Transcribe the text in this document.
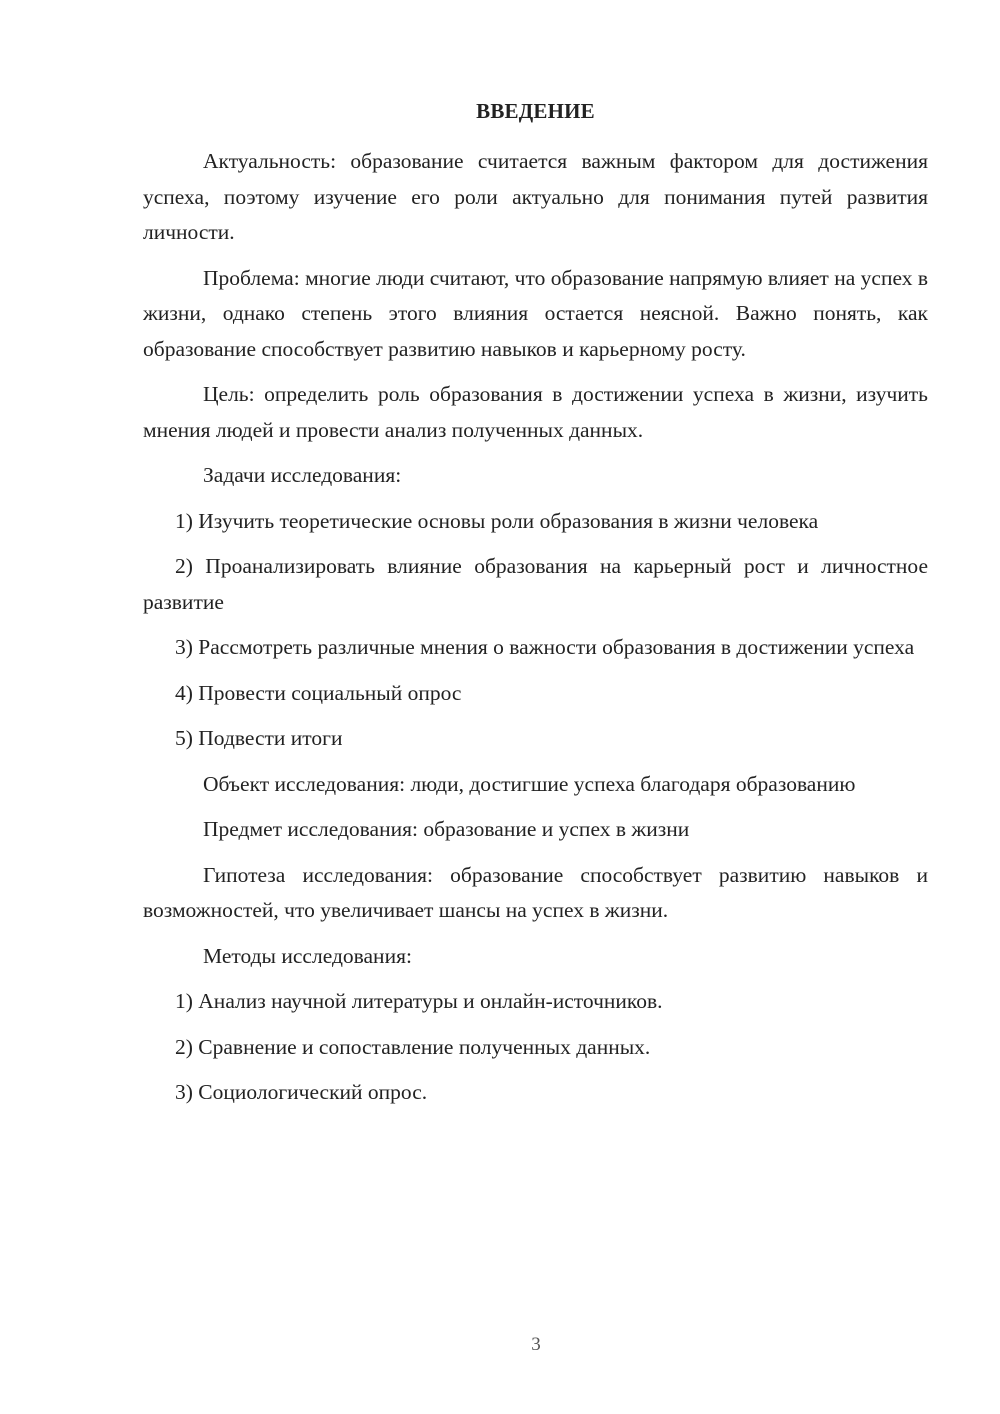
ВВЕДЕНИЕ

Актуальность: образование считается важным фактором для достижения успеха, поэтому изучение его роли актуально для понимания путей развития личности.

Проблема: многие люди считают, что образование напрямую влияет на успех в жизни, однако степень этого влияния остается неясной. Важно понять, как образование способствует развитию навыков и карьерному росту.

Цель: определить роль образования в достижении успеха в жизни, изучить мнения людей и провести анализ полученных данных.

Задачи исследования:

1) Изучить теоретические основы роли образования в жизни человека

2) Проанализировать влияние образования на карьерный рост и личностное развитие

3) Рассмотреть различные мнения о важности образования в достижении успеха

4) Провести социальный опрос

5) Подвести итоги

Объект исследования: люди, достигшие успеха благодаря образованию

Предмет исследования: образование и успех в жизни

Гипотеза исследования: образование способствует развитию навыков и возможностей, что увеличивает шансы на успех в жизни.

Методы исследования:

1) Анализ научной литературы и онлайн-источников.

2) Сравнение и сопоставление полученных данных.

3) Социологический опрос.

3
